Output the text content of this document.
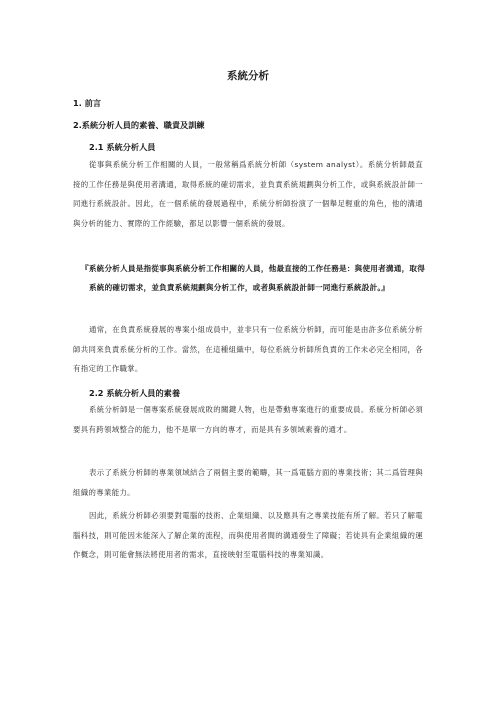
系統分析
1. 前言
2.系統分析人員的素養、職責及訓練
2.1 系統分析人員
從事與系統分析工作相關的人員，一般常稱爲系統分析師（system analyst）。系統分析師最直接的工作任務是與使用者溝通，取得系統的確切需求，並負責系統規劃與分析工作，或與系統設計師一同進行系統設計。因此，在一個系統的發展過程中，系統分析師扮演了一個舉足輕重的角色，他的溝通與分析的能力、實際的工作經驗，都足以影響一個系統的發展。
『系統分析人員是指從事與系統分析工作相關的人員，他最直接的工作任務是：與使用者溝通，取得系統的確切需求，並負責系統規劃與分析工作，或者與系統設計師一同進行系統設計。』
通常，在負責系統發展的專案小組成員中，並非只有一位系統分析師，而可能是由許多位系統分析師共同來負責系統分析的工作。當然，在這種組織中，每位系統分析師所負責的工作未必完全相同，各有指定的工作職掌。
2.2 系統分析人員的素養
系統分析師是一個專案系統發展成敗的關鍵人物，也是帶動專案進行的重要成員。系統分析師必須要具有跨領域整合的能力，他不是單一方向的專才，而是具有多領域素養的通才。
表示了系統分析師的專業領域結合了兩個主要的範疇，其一爲電腦方面的專業技術；其二爲管理與組織的專業能力。
因此，系統分析師必須要對電腦的技術、企業組織、以及應具有之專業技能有所了解。若只了解電腦科技，則可能因未能深入了解企業的流程，而與使用者間的溝通發生了障礙；若徒具有企業組織的運作概念，則可能會無法將使用者的需求，直接映射至電腦科技的專業知識。
